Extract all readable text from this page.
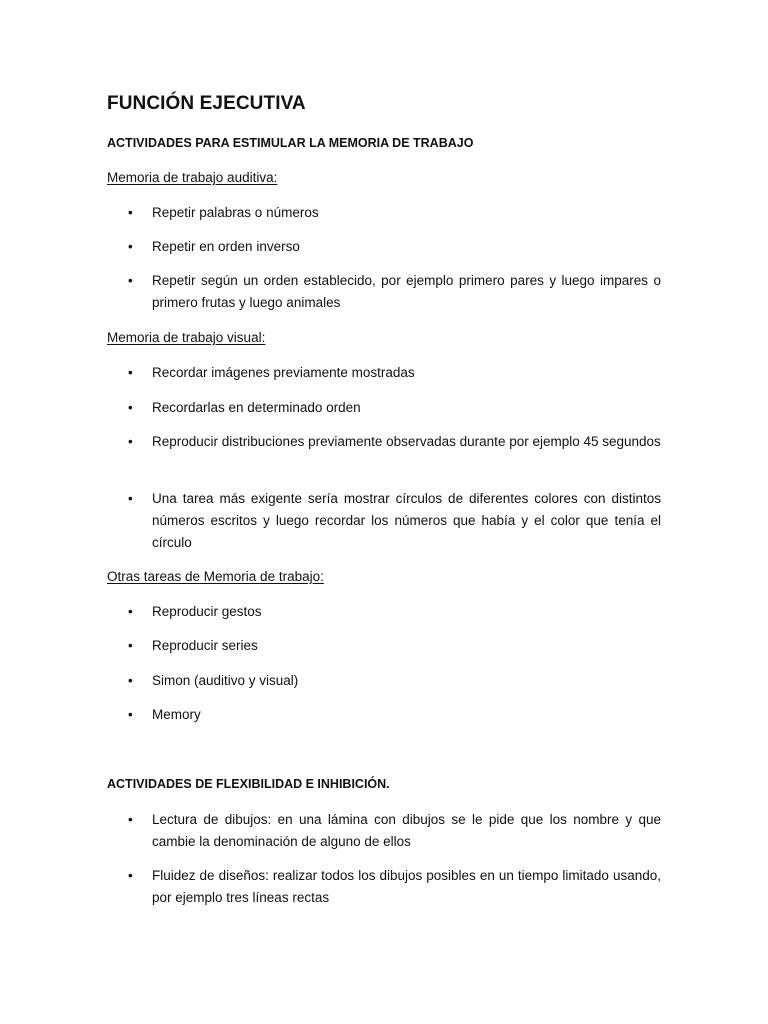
FUNCIÓN EJECUTIVA
ACTIVIDADES PARA ESTIMULAR LA MEMORIA DE TRABAJO
Memoria de trabajo auditiva:
• Repetir palabras o números
• Repetir en orden inverso
• Repetir según un orden establecido, por ejemplo primero pares y luego impares o primero frutas y luego animales
Memoria de trabajo visual:
• Recordar imágenes previamente mostradas
• Recordarlas en determinado orden
• Reproducir distribuciones previamente observadas durante por ejemplo 45 segundos
• Una tarea más exigente sería mostrar círculos de diferentes colores con distintos números escritos y luego recordar los números que había y el color que tenía el círculo
Otras tareas de Memoria de trabajo:
• Reproducir gestos
• Reproducir series
• Simon (auditivo y visual)
• Memory
ACTIVIDADES DE FLEXIBILIDAD E INHIBICIÓN.
• Lectura de dibujos: en una lámina con dibujos se le pide que los nombre y que cambie la denominación de alguno de ellos
• Fluidez de diseños: realizar todos los dibujos posibles en un tiempo limitado usando, por ejemplo tres líneas rectas
